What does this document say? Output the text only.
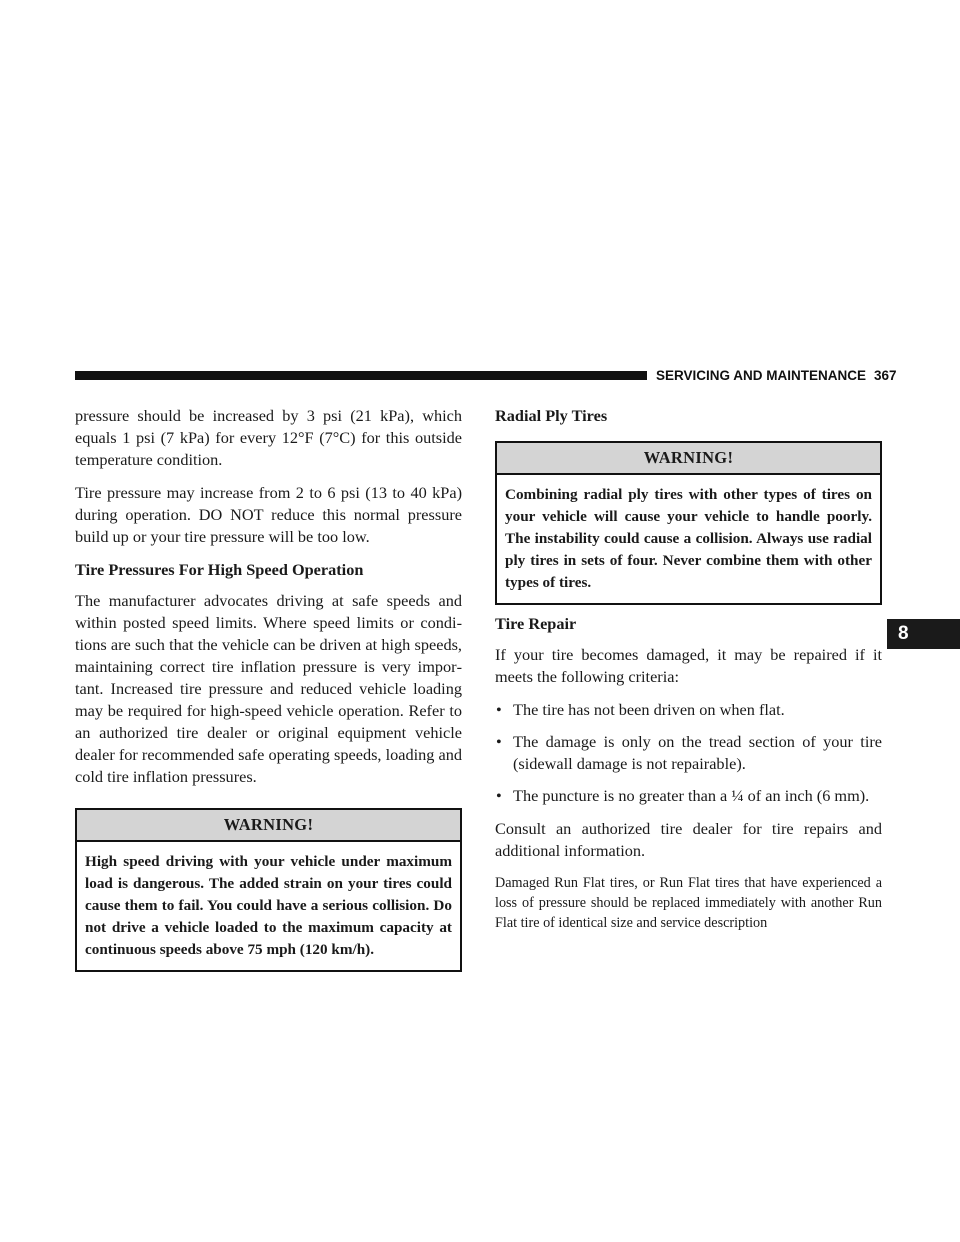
SERVICING AND MAINTENANCE 367
8

pressure should be increased by 3 psi (21 kPa), which equals 1 psi (7 kPa) for every 12°F (7°C) for this outside temperature condition.

Tire pressure may increase from 2 to 6 psi (13 to 40 kPa) during operation. DO NOT reduce this normal pressure build up or your tire pressure will be too low.

Tire Pressures For High Speed Operation

The manufacturer advocates driving at safe speeds and within posted speed limits. Where speed limits or conditions are such that the vehicle can be driven at high speeds, maintaining correct tire inflation pressure is very important. Increased tire pressure and reduced vehicle loading may be required for high-speed vehicle operation. Refer to an authorized tire dealer or original equipment vehicle dealer for recommended safe operating speeds, loading and cold tire inflation pressures.

WARNING!
High speed driving with your vehicle under maximum load is dangerous. The added strain on your tires could cause them to fail. You could have a serious collision. Do not drive a vehicle loaded to the maximum capacity at continuous speeds above 75 mph (120 km/h).
Radial Ply Tires
WARNING!
Combining radial ply tires with other types of tires on your vehicle will cause your vehicle to handle poorly. The instability could cause a collision. Always use radial ply tires in sets of four. Never combine them with other types of tires.
Tire Repair

If your tire becomes damaged, it may be repaired if it meets the following criteria:

• The tire has not been driven on when flat.
• The damage is only on the tread section of your tire (sidewall damage is not repairable).
• The puncture is no greater than a ¼ of an inch (6 mm).

Consult an authorized tire dealer for tire repairs and additional information.

Damaged Run Flat tires, or Run Flat tires that have experienced a loss of pressure should be replaced immediately with another Run Flat tire of identical size and service description
